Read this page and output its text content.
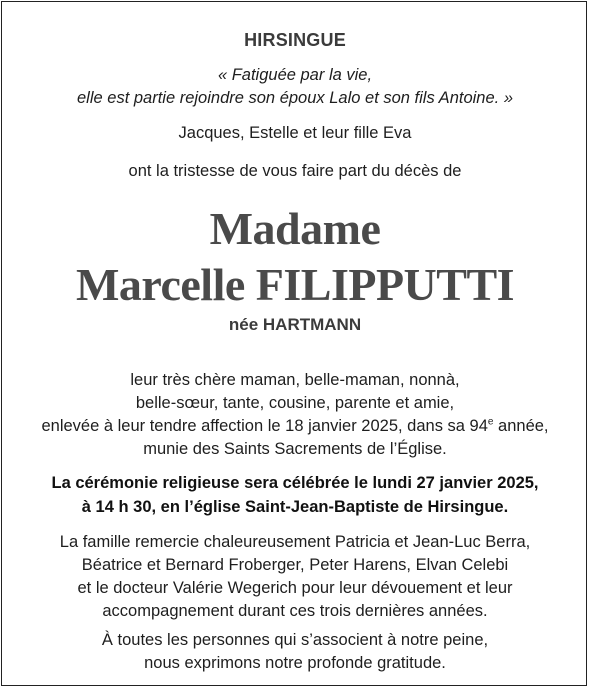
HIRSINGUE
« Fatiguée par la vie,
elle est partie rejoindre son époux Lalo et son fils Antoine. »
Jacques, Estelle et leur fille Eva
ont la tristesse de vous faire part du décès de
Madame
Marcelle FILIPPUTTI
née HARTMANN
leur très chère maman, belle-maman, nonnà,
belle-sœur, tante, cousine, parente et amie,
enlevée à leur tendre affection le 18 janvier 2025, dans sa 94e année,
munie des Saints Sacrements de l’Église.
La cérémonie religieuse sera célébrée le lundi 27 janvier 2025,
à 14 h 30, en l’église Saint-Jean-Baptiste de Hirsingue.
La famille remercie chaleureusement Patricia et Jean-Luc Berra,
Béatrice et Bernard Froberger, Peter Harens, Elvan Celebi
et le docteur Valérie Wegerich pour leur dévouement et leur
accompagnement durant ces trois dernières années.
À toutes les personnes qui s’associent à notre peine,
nous exprimons notre profonde gratitude.
